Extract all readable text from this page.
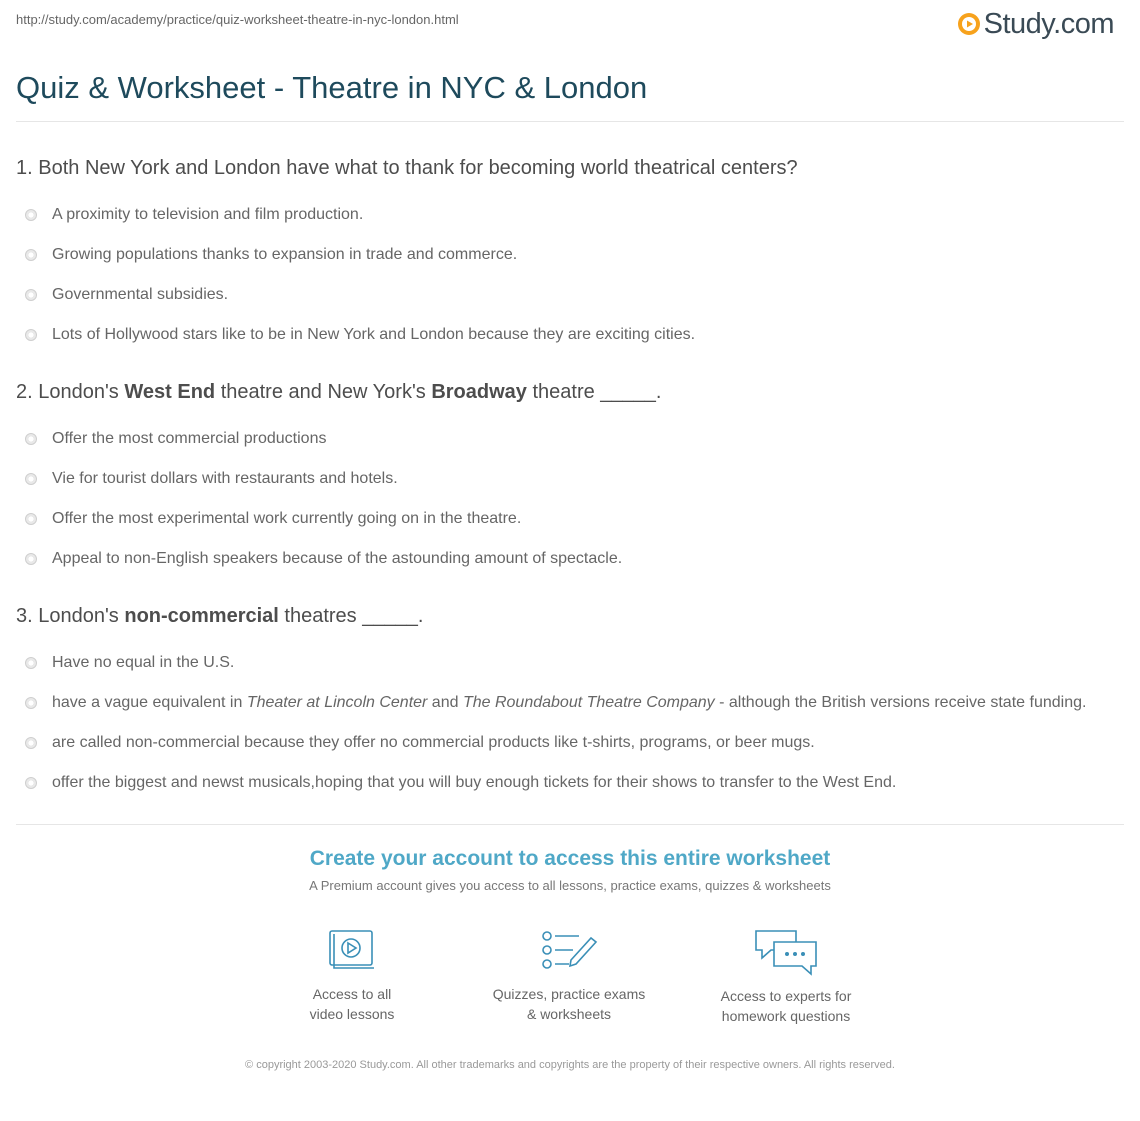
http://study.com/academy/practice/quiz-worksheet-theatre-in-nyc-london.html	Study.com
Quiz & Worksheet - Theatre in NYC & London

1. Both New York and London have what to thank for becoming world theatrical centers?

A proximity to television and film production.
Growing populations thanks to expansion in trade and commerce.
Governmental subsidies.
Lots of Hollywood stars like to be in New York and London because they are exciting cities.

2. London's West End theatre and New York's Broadway theatre _____.

Offer the most commercial productions
Vie for tourist dollars with restaurants and hotels.
Offer the most experimental work currently going on in the theatre.
Appeal to non-English speakers because of the astounding amount of spectacle.

3. London's non-commercial theatres _____.

Have no equal in the U.S.
have a vague equivalent in Theater at Lincoln Center and The Roundabout Theatre Company - although the British versions receive state funding.
are called non-commercial because they offer no commercial products like t-shirts, programs, or beer mugs.
offer the biggest and newst musicals,hoping that you will buy enough tickets for their shows to transfer to the West End.
Create your account to access this entire worksheet
A Premium account gives you access to all lessons, practice exams, quizzes & worksheets
Access to all
video lessons
Quizzes, practice exams
& worksheets
Access to experts for
homework questions
© copyright 2003-2020 Study.com. All other trademarks and copyrights are the property of their respective owners. All rights reserved.
